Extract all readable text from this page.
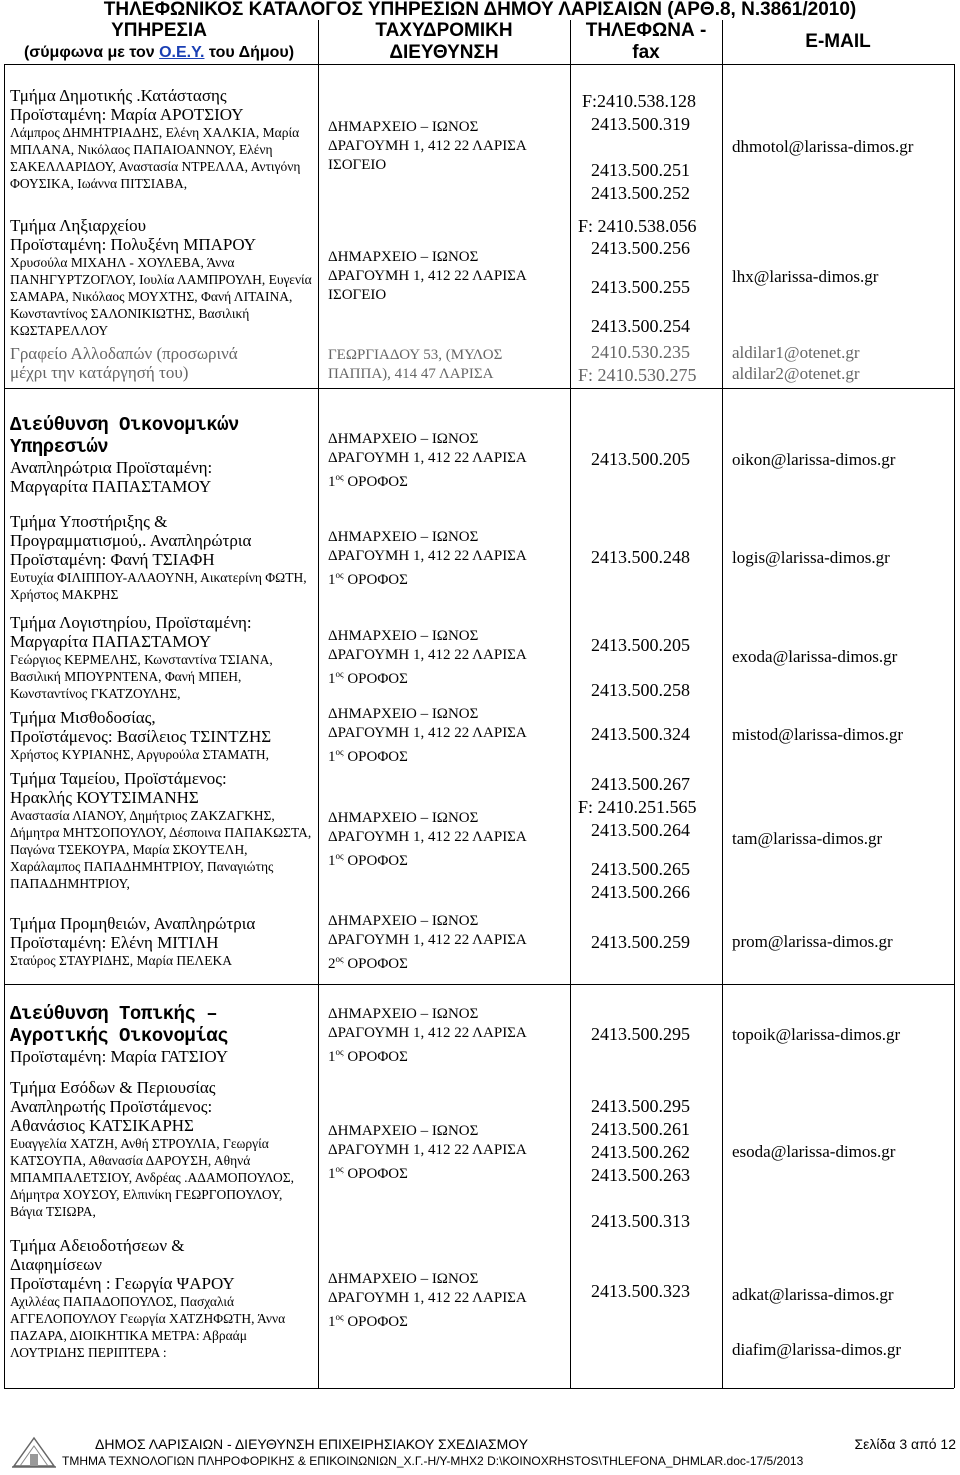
ΤΗΛΕΦΩΝΙΚΟΣ ΚΑΤΑΛΟΓΟΣ ΥΠΗΡΕΣΙΩΝ ΔΗΜΟΥ ΛΑΡΙΣΑΙΩΝ (ΑΡΘ.8, Ν.3861/2010)
ΥΠΗΡΕΣΙΑ
(σύμφωνα με τον Ο.Ε.Υ. του Δήμου)
ΤΑΧΥΔΡΟΜΙΚΗ
ΔΙΕΥΘΥΝΣΗ
ΤΗΛΕΦΩΝΑ -
fax
E-MAIL
Τμήμα Δημοτικής .Κατάστασης
Προϊσταμένη: Μαρία ΑΡΟΤΣΙΟΥ
Λάμπρος ΔΗΜΗΤΡΙΑΔΗΣ, Ελένη ΧΑΛΚΙΑ, Μαρία ΜΠΛΑΝΑ, Νικόλαος ΠΑΠΑΙΟΑΝΝΟΥ, Ελένη ΣΑΚΕΛΛΑΡΙΔΟΥ, Αναστασία ΝΤΡΕΛΛΑ, Αντιγόνη ΦΟΥΣΙΚΑ, Ιωάννα ΠΙΤΣΙΑΒΑ,
Τμήμα Ληξιαρχείου
Προϊσταμένη: Πολυξένη ΜΠΑΡΟΥ
Χρυσούλα ΜΙΧΑΗΛ - ΧΟΥΛΕΒΑ, Άννα ΠΑΝΗΓΥΡΤΖΟΓΛΟΥ, Ιουλία ΛΑΜΠΡΟΥΛΗ, Ευγενία ΣΑΜΑΡΑ, Νικόλαος ΜΟΥΧΤΗΣ, Φανή ΛΙΤΑΙΝΑ, Κωνσταντίνος ΣΑΛΟΝΙΚΙΩΤΗΣ, Βασιλική ΚΩΣΤΑΡΕΛΛΟΥ
Γραφείο Αλλοδαπών (προσωρινά
μέχρι την κατάργησή του)
ΔΗΜΑΡΧΕΙΟ – ΙΩΝΟΣ
ΔΡΑΓΟΥΜΗ 1, 412 22 ΛΑΡΙΣΑ
ΙΣΟΓΕΙΟ
ΔΗΜΑΡΧΕΙΟ – ΙΩΝΟΣ
ΔΡΑΓΟΥΜΗ 1, 412 22 ΛΑΡΙΣΑ
ΙΣΟΓΕΙΟ
ΓΕΩΡΓΙΑΔΟΥ 53, (ΜΥΛΟΣ
ΠΑΠΠΑ), 414 47 ΛΑΡΙΣΑ
F:2410.538.128
2413.500.319
2413.500.251
2413.500.252
F: 2410.538.056
2413.500.256
2413.500.255
2413.500.254
2410.530.235
F: 2410.530.275
dhmotol@larissa-dimos.gr
lhx@larissa-dimos.gr
aldilar1@otenet.gr
aldilar2@otenet.gr
Διεύθυνση Οικονομικών
Υπηρεσιών
Αναπληρώτρια Προϊσταμένη:
Μαργαρίτα ΠΑΠΑΣΤΑΜΟΥ
Τμήμα Υποστήριξης &
Προγραμματισμού,. Αναπληρώτρια
Προϊσταμένη: Φανή ΤΣΙΑΦΗ
Ευτυχία ΦΙΛΙΠΠΟΥ-ΑΛΑΟΥΝΗ, Αικατερίνη ΦΩΤΗ, Χρήστος ΜΑΚΡΗΣ
Τμήμα Λογιστηρίου, Προϊσταμένη:
Μαργαρίτα ΠΑΠΑΣΤΑΜΟΥ
Γεώργιος ΚΕΡΜΕΛΗΣ, Κωνσταντίνα ΤΣΙΑΝΑ, Βασιλική ΜΠΟΥΡΝΤΕΝΑ, Φανή ΜΠΕΗ, Κωνσταντίνος ΓΚΑΤΖΟΥΛΗΣ,
Τμήμα Μισθοδοσίας,
Προϊστάμενος: Βασίλειος ΤΣΙΝΤΖΗΣ
Χρήστος ΚΥΡΙΑΝΗΣ, Αργυρούλα ΣΤΑΜΑΤΗ,
Τμήμα Ταμείου, Προϊστάμενος:
Ηρακλής ΚΟΥΤΣΙΜΑΝΗΣ
Αναστασία ΛΙΑΝΟΥ, Δημήτριος ΖΑΚΖΑΓΚΗΣ, Δήμητρα ΜΗΤΣΟΠΟΥΛΟΥ, Δέσποινα ΠΑΠΑΚΩΣΤΑ, Παγώνα ΤΣΕΚΟΥΡΑ, Μαρία ΣΚΟΥΤΕΛΗ, Χαράλαμπος ΠΑΠΑΔΗΜΗΤΡΙΟΥ, Παναγιώτης ΠΑΠΑΔΗΜΗΤΡΙΟΥ,
Τμήμα Προμηθειών, Αναπληρώτρια
Προϊσταμένη: Ελένη ΜΙΤΙΛΗ
Σταύρος ΣΤΑΥΡΙΔΗΣ, Μαρία ΠΕΛΕΚΑ
ΔΗΜΑΡΧΕΙΟ – ΙΩΝΟΣ
ΔΡΑΓΟΥΜΗ 1, 412 22 ΛΑΡΙΣΑ
$1^{o\varsigma}$ ΟΡΟΦΟΣ
ΔΗΜΑΡΧΕΙΟ – ΙΩΝΟΣ
ΔΡΑΓΟΥΜΗ 1, 412 22 ΛΑΡΙΣΑ
$1^{o\varsigma}$ ΟΡΟΦΟΣ
ΔΗΜΑΡΧΕΙΟ – ΙΩΝΟΣ
ΔΡΑΓΟΥΜΗ 1, 412 22 ΛΑΡΙΣΑ
$1^{o\varsigma}$ ΟΡΟΦΟΣ
ΔΗΜΑΡΧΕΙΟ – ΙΩΝΟΣ
ΔΡΑΓΟΥΜΗ 1, 412 22 ΛΑΡΙΣΑ
$1^{o\varsigma}$ ΟΡΟΦΟΣ
ΔΗΜΑΡΧΕΙΟ – ΙΩΝΟΣ
ΔΡΑΓΟΥΜΗ 1, 412 22 ΛΑΡΙΣΑ
$1^{o\varsigma}$ ΟΡΟΦΟΣ
ΔΗΜΑΡΧΕΙΟ – ΙΩΝΟΣ
ΔΡΑΓΟΥΜΗ 1, 412 22 ΛΑΡΙΣΑ
$2^{o\varsigma}$ ΟΡΟΦΟΣ
2413.500.205
2413.500.248
2413.500.205
2413.500.258
2413.500.324
2413.500.267
F: 2410.251.565
2413.500.264
2413.500.265
2413.500.266
2413.500.259
oikon@larissa-dimos.gr
logis@larissa-dimos.gr
exoda@larissa-dimos.gr
mistod@larissa-dimos.gr
tam@larissa-dimos.gr
prom@larissa-dimos.gr
Διεύθυνση Τοπικής –
Αγροτικής Οικονομίας
Προϊσταμένη: Μαρία ΓΑΤΣΙΟΥ
Τμήμα Εσόδων & Περιουσίας
Αναπληρωτής Προϊστάμενος:
Αθανάσιος ΚΑΤΣΙΚΑΡΗΣ
Ευαγγελία ΧΑΤΖΗ, Ανθή ΣΤΡΟΥΛΙΑ, Γεωργία ΚΑΤΣΟΥΠΑ, Αθανασία ΔΑΡΟΥΣΗ, Αθηνά ΜΠΑΜΠΑΛΕΤΣΙΟΥ, Ανδρέας .ΑΔΑΜΟΠΟΥΛΟΣ, Δήμητρα ΧΟΥΣΟΥ, Ελπινίκη ΓΕΩΡΓΟΠΟΥΛΟΥ, Βάγια ΤΣΙΩΡΑ,
Τμήμα Αδειοδοτήσεων &
Διαφημίσεων
Προϊσταμένη : Γεωργία ΨΑΡΟΥ
Αχιλλέας ΠΑΠΑΔΟΠΟΥΛΟΣ, Πασχαλιά ΑΓΓΕΛΟΠΟΥΛΟΥ Γεωργία ΧΑΤΖΗΦΩΤΗ, Άννα ΠΑΖΑΡΑ, ΔΙΟΙΚΗΤΙΚΑ ΜΕΤΡΑ: Αβραάμ ΛΟΥΤΡΙΔΗΣ ΠΕΡΙΠΤΕΡΑ :
ΔΗΜΑΡΧΕΙΟ – ΙΩΝΟΣ
ΔΡΑΓΟΥΜΗ 1, 412 22 ΛΑΡΙΣΑ
$1^{o\varsigma}$ ΟΡΟΦΟΣ
ΔΗΜΑΡΧΕΙΟ – ΙΩΝΟΣ
ΔΡΑΓΟΥΜΗ 1, 412 22 ΛΑΡΙΣΑ
$1^{o\varsigma}$ ΟΡΟΦΟΣ
ΔΗΜΑΡΧΕΙΟ – ΙΩΝΟΣ
ΔΡΑΓΟΥΜΗ 1, 412 22 ΛΑΡΙΣΑ
$1^{o\varsigma}$ ΟΡΟΦΟΣ
2413.500.295
2413.500.295
2413.500.261
2413.500.262
2413.500.263
2413.500.313
2413.500.323
topoik@larissa-dimos.gr
esoda@larissa-dimos.gr
adkat@larissa-dimos.gr
diafim@larissa-dimos.gr
ΔΗΜΟΣ ΛΑΡΙΣΑΙΩΝ - ΔΙΕΥΘΥΝΣΗ ΕΠΙΧΕΙΡΗΣΙΑΚΟΥ ΣΧΕΔΙΑΣΜΟΥ	Σελίδα 3 από 12
ΤΜΗΜΑ ΤΕΧΝΟΛΟΓΙΩΝ ΠΛΗΡΟΦΟΡΙΚΗΣ & ΕΠΙΚΟΙΝΩΝΙΩΝ_Χ.Γ.-Η/Υ-ΜΗΧ2 D:\ΚΟΙΝΟΧRHSTOS\THLEFONA_DHMLAR.doc-17/5/2013
